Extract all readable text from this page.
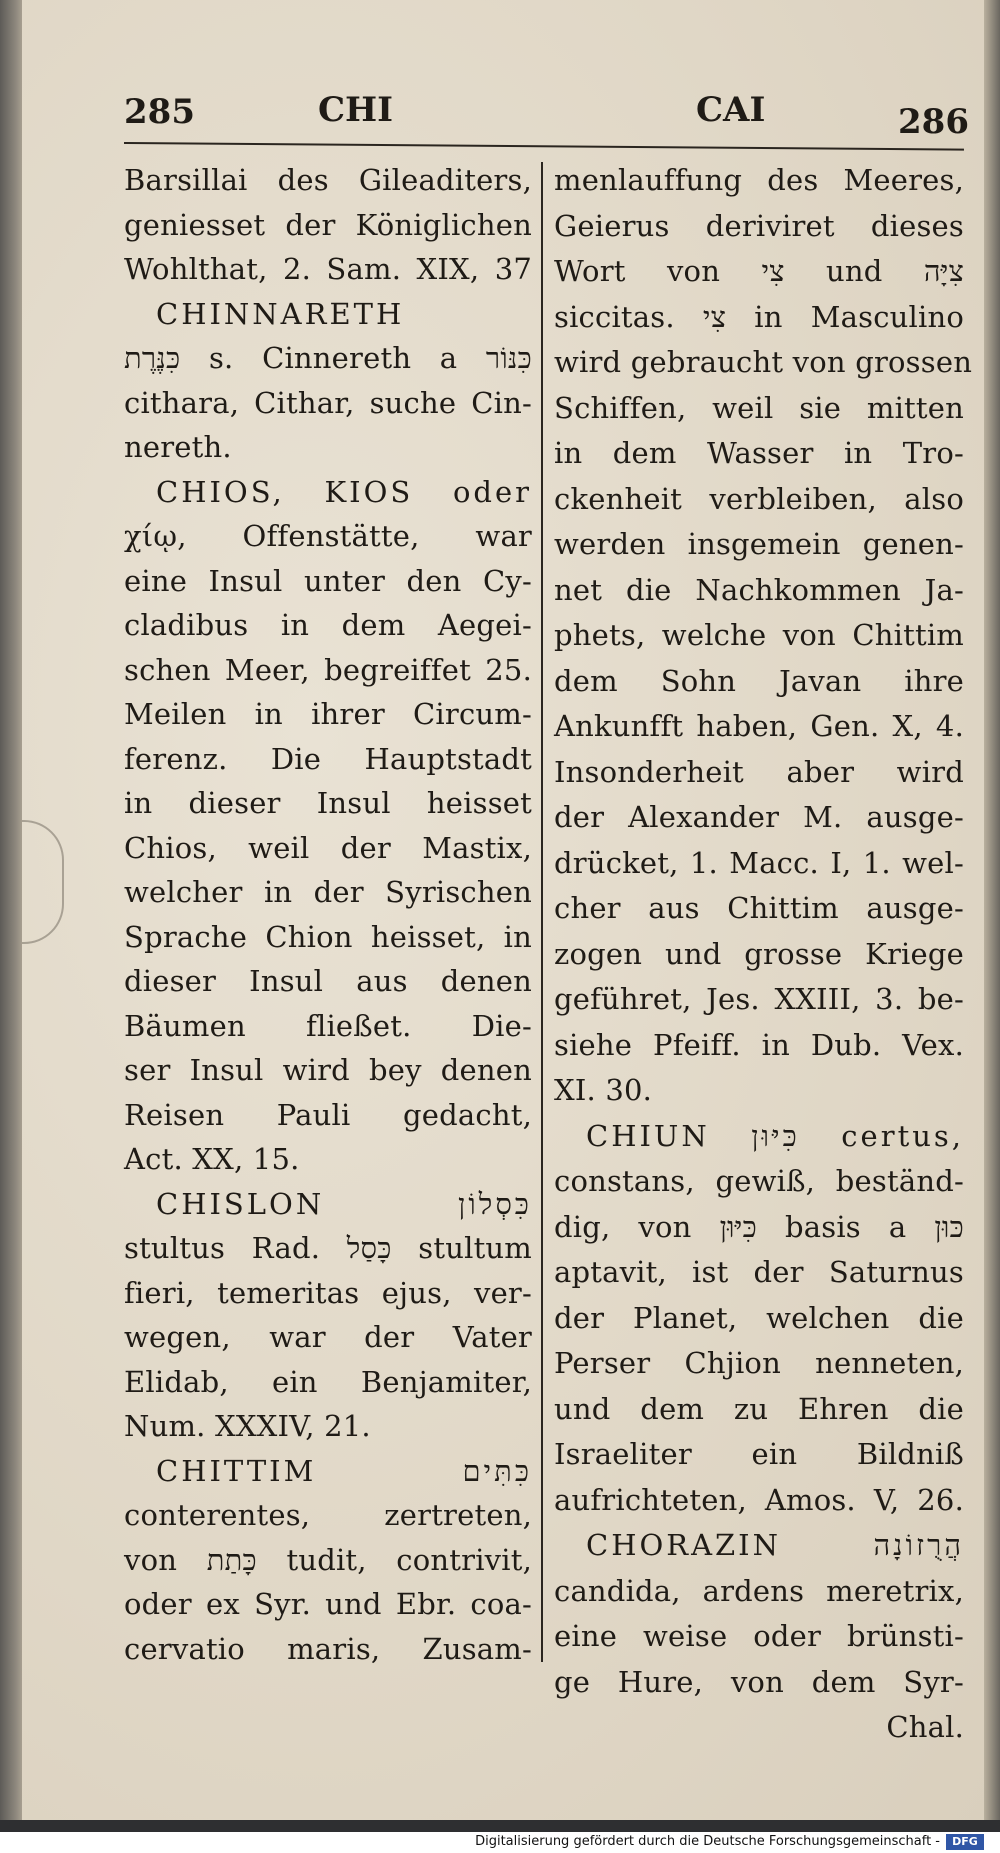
285	CHI	CAI	286
Barsillai des Gileaditers,
geniesset der Königlichen
Wohlthat, 2. Sam. XIX, 37
CHINNARETH
כִּנֶּרֶת s. Cinnereth a כִּנּוֹר
cithara, Cithar, suche Cin-
nereth.
CHIOS, KIOS oder
χίῳ, Offenstätte, war
eine Insul unter den Cy-
cladibus in dem Aegei-
schen Meer, begreiffet 25.
Meilen in ihrer Circum-
ferenz. Die Hauptstadt
in dieser Insul heisset
Chios, weil der Mastix,
welcher in der Syrischen
Sprache Chion heisset, in
dieser Insul aus denen
Bäumen fließet. Die-
ser Insul wird bey denen
Reisen Pauli gedacht,
Act. XX, 15.
CHISLON כִּסְלוֹן
stultus Rad. כָּסַל stultum
fieri, temeritas ejus, ver-
wegen, war der Vater
Elidab, ein Benjamiter,
Num. XXXIV, 21.
CHITTIM כִּתִּים
conterentes, zertreten,
von כָּתַת tudit, contrivit,
oder ex Syr. und Ebr. coa-
cervatio maris, Zusam-
menlauffung des Meeres,
Geierus deriviret dieses
Wort von צִי und צִיָּה
siccitas. צִי in Masculino
wird gebraucht von grossen
Schiffen, weil sie mitten
in dem Wasser in Tro-
ckenheit verbleiben, also
werden insgemein genen-
net die Nachkommen Ja-
phets, welche von Chittim
dem Sohn Javan ihre
Ankunfft haben, Gen. X, 4.
Insonderheit aber wird
der Alexander M. ausge-
drücket, 1. Macc. I, 1. wel-
cher aus Chittim ausge-
zogen und grosse Kriege
geführet, Jes. XXIII, 3. be-
siehe Pfeiff. in Dub. Vex.
XI. 30.
CHIUN כִּיּוּן certus,
constans, gewiß, beständ-
dig, von כִּיּוּן basis a כּוּן
aptavit, ist der Saturnus
der Planet, welchen die
Perser Chjion nenneten,
und dem zu Ehren die
Israeliter ein Bildniß
aufrichteten, Amos. V, 26.
CHORAZIN הֲרֻזוֹנָה
candida, ardens meretrix,
eine weise oder brünsti-
ge Hure, von dem Syr-
Chal.
Digitalisierung gefördert durch die Deutsche Forschungsgemeinschaft -	DFG
